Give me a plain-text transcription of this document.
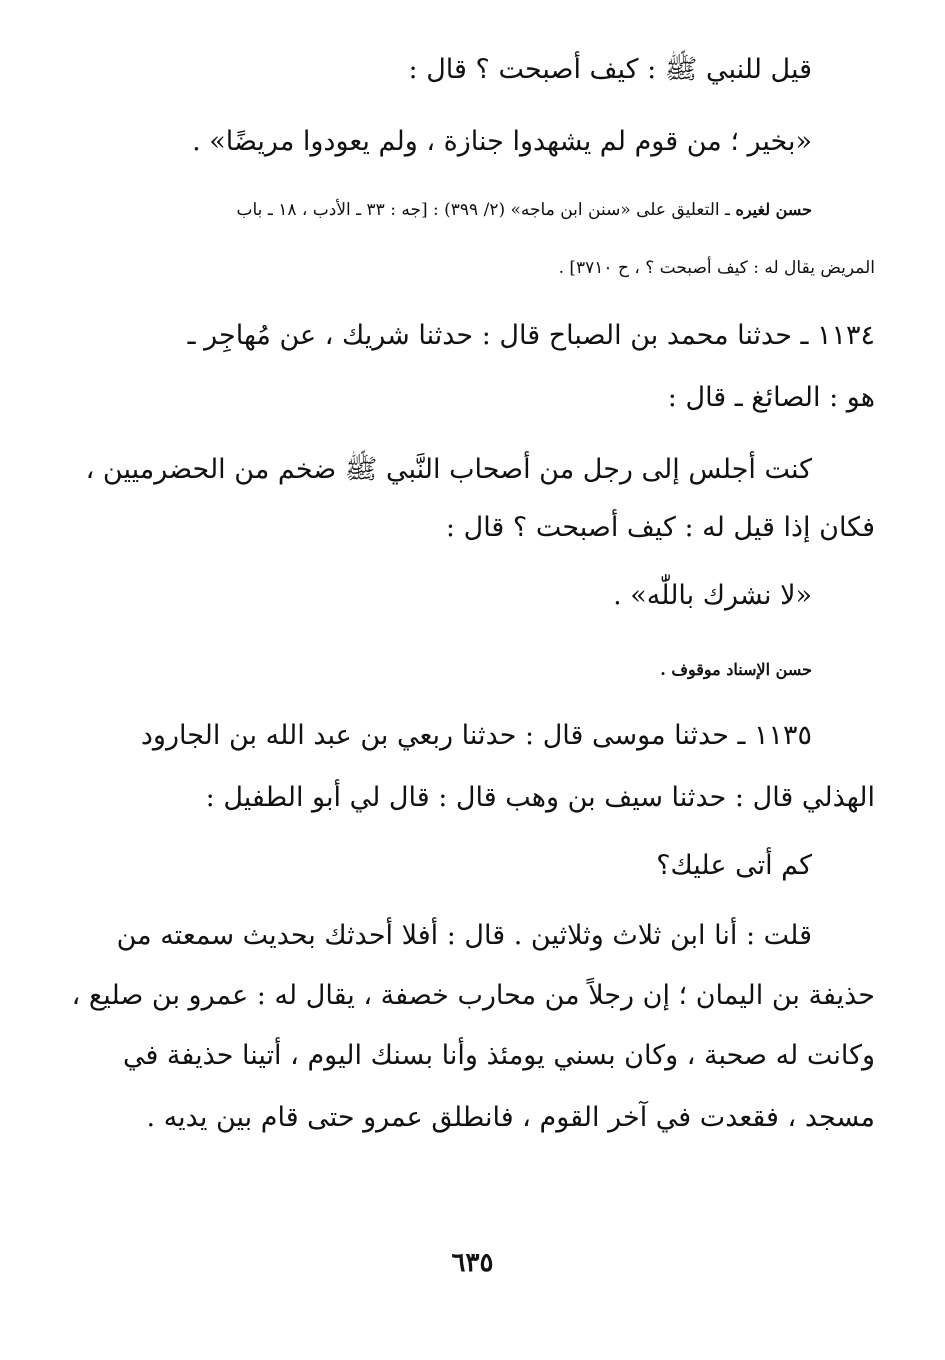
قيل للنبي ﷺ : كيف أصبحت ؟ قال :
«بخير ؛ من قوم لم يشهدوا جنازة ، ولم يعودوا مريضًا» .
حسن لغيره ـ التعليق على «سنن ابن ماجه» (٢/ ٣٩٩) : [جه : ٣٣ ـ الأدب ، ١٨ ـ باب
المريض يقال له : كيف أصبحت ؟ ، ح ٣٧١٠] .
١١٣٤ ـ حدثنا محمد بن الصباح قال : حدثنا شريك ، عن مُهاجِر ـ
هو : الصائغ ـ قال :
كنت أجلس إلى رجل من أصحاب النَّبي ﷺ ضخم من الحضرميين ،
فكان إذا قيل له : كيف أصبحت ؟ قال :
«لا نشرك باللّٰه» .
حسن الإسناد موقوف .
١١٣٥ ـ حدثنا موسى قال : حدثنا ربعي بن عبد الله بن الجارود
الهذلي قال : حدثنا سيف بن وهب قال : قال لي أبو الطفيل :
كم أتى عليك؟
قلت : أنا ابن ثلاث وثلاثين . قال : أفلا أحدثك بحديث سمعته من
حذيفة بن اليمان ؛ إن رجلاً من محارب خصفة ، يقال له : عمرو بن صليع ،
وكانت له صحبة ، وكان بسني يومئذ وأنا بسنك اليوم ، أتينا حذيفة في
مسجد ، فقعدت في آخر القوم ، فانطلق عمرو حتى قام بين يديه .
٦٣٥
